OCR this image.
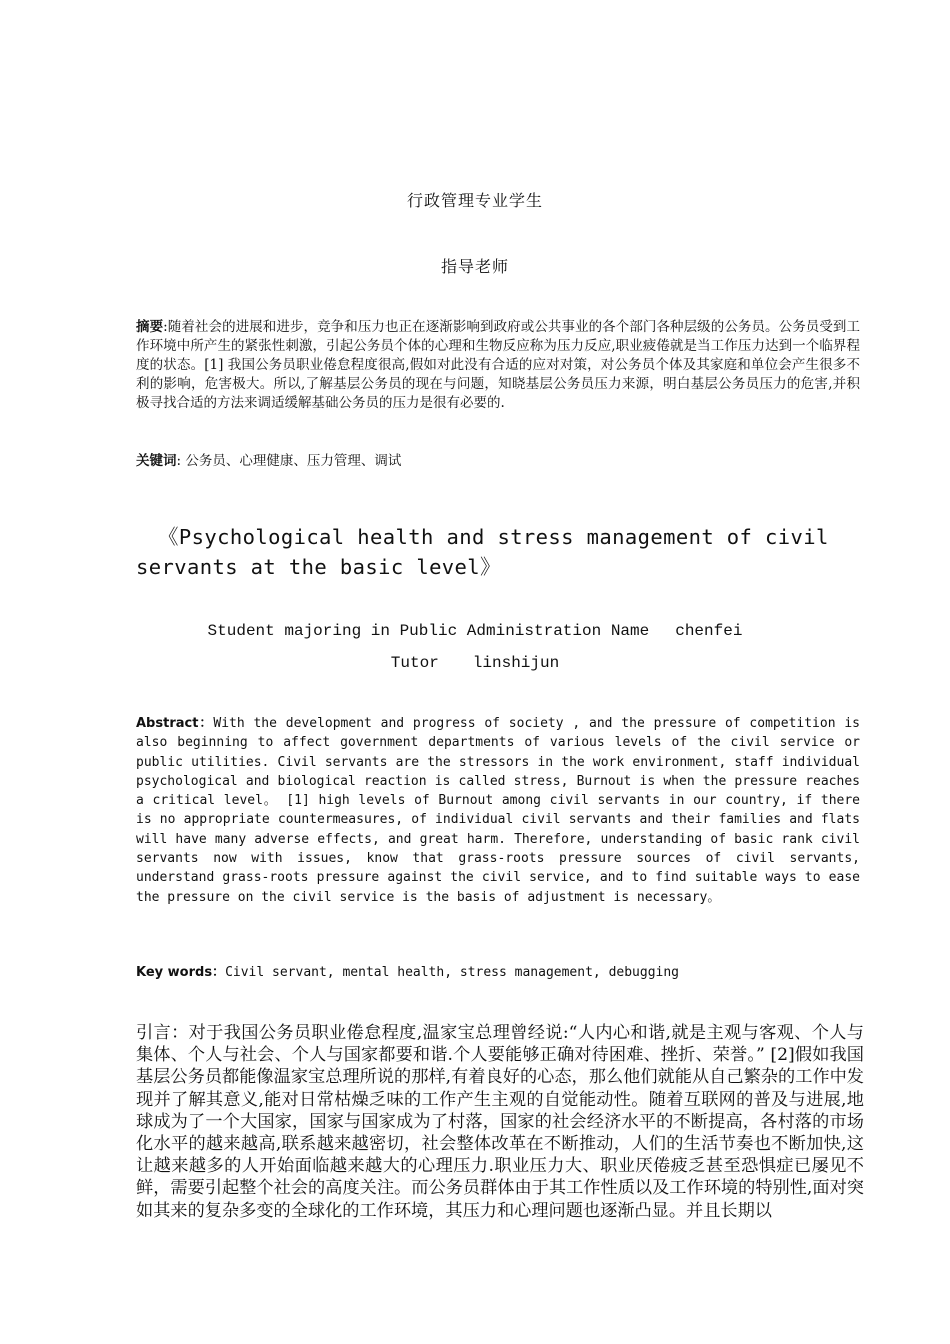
行政管理专业学生
指导老师
摘要:随着社会的进展和进步，竞争和压力也正在逐渐影响到政府或公共事业的各个部门各种层级的公务员。公务员受到工作环境中所产生的紧张性刺激，引起公务员个体的心理和生物反应称为压力反应,职业疲倦就是当工作压力达到一个临界程度的状态。[1] 我国公务员职业倦怠程度很高,假如对此没有合适的应对对策，对公务员个体及其家庭和单位会产生很多不利的影响，危害极大。所以,了解基层公务员的现在与问题，知晓基层公务员压力来源，明白基层公务员压力的危害,并积极寻找合适的方法来调适缓解基础公务员的压力是很有必要的.
关键词: 公务员、心理健康、压力管理、调试
《Psychological health and stress management of civil servants at the basic level》
Student majoring in Public Administration Name chenfei
Tutor linshijun
Abstract：With the development and progress of society , and the pressure of competition is also beginning to affect government departments of various levels of the civil service or public utilities. Civil servants are the stressors in the work environment, staff individual psychological and biological reaction is called stress, Burnout is when the pressure reaches a critical level。 [1] high levels of Burnout among civil servants in our country, if there is no appropriate countermeasures, of individual civil servants and their families and flats will have many adverse effects, and great harm. Therefore, understanding of basic rank civil servants now with issues, know that grass-roots pressure sources of civil servants, understand grass-roots pressure against the civil service, and to find suitable ways to ease the pressure on the civil service is the basis of adjustment is necessary。
Key words：Civil servant, mental health, stress management, debugging
引言：对于我国公务员职业倦怠程度,温家宝总理曾经说:“人内心和谐,就是主观与客观、个人与集体、个人与社会、个人与国家都要和谐.个人要能够正确对待困难、挫折、荣誉。” [2]假如我国基层公务员都能像温家宝总理所说的那样,有着良好的心态，那么他们就能从自己繁杂的工作中发现并了解其意义,能对日常枯燥乏味的工作产生主观的自觉能动性。随着互联网的普及与进展,地球成为了一个大国家，国家与国家成为了村落，国家的社会经济水平的不断提高，各村落的市场化水平的越来越高,联系越来越密切，社会整体改革在不断推动，人们的生活节奏也不断加快,这让越来越多的人开始面临越来越大的心理压力.职业压力大、职业厌倦疲乏甚至恐惧症已屡见不鲜，需要引起整个社会的高度关注。而公务员群体由于其工作性质以及工作环境的特别性,面对突如其来的复杂多变的全球化的工作环境，其压力和心理问题也逐渐凸显。并且长期以
